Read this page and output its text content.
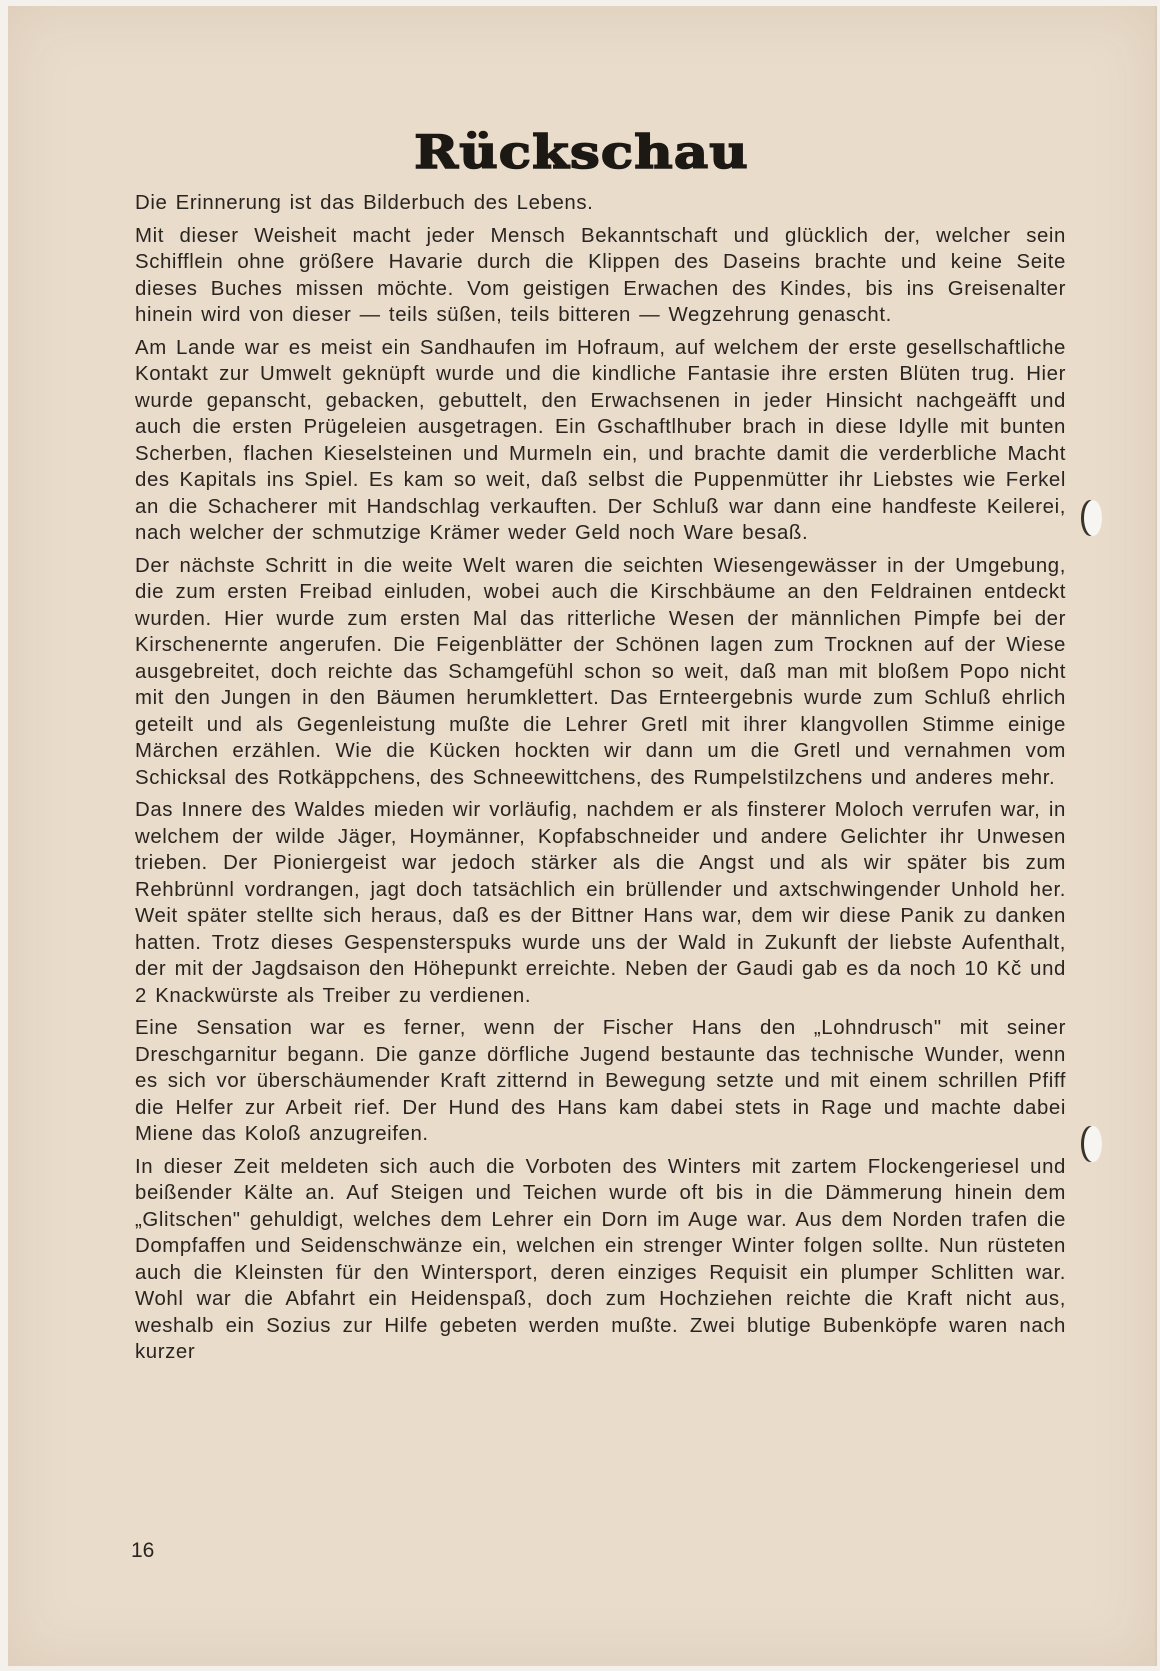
Rückschau

Die Erinnerung ist das Bilderbuch des Lebens.

Mit dieser Weisheit macht jeder Mensch Bekanntschaft und glücklich der, welcher sein Schifflein ohne größere Havarie durch die Klippen des Daseins brachte und keine Seite dieses Buches missen möchte. Vom geistigen Erwachen des Kindes, bis ins Greisenalter hinein wird von dieser — teils süßen, teils bitteren — Wegzehrung genascht.

Am Lande war es meist ein Sandhaufen im Hofraum, auf welchem der erste gesellschaftliche Kontakt zur Umwelt geknüpft wurde und die kindliche Fantasie ihre ersten Blüten trug. Hier wurde gepanscht, gebacken, gebuttelt, den Erwachsenen in jeder Hinsicht nachgeäfft und auch die ersten Prügeleien ausgetragen. Ein Gschaftlhuber brach in diese Idylle mit bunten Scherben, flachen Kieselsteinen und Murmeln ein, und brachte damit die verderbliche Macht des Kapitals ins Spiel. Es kam so weit, daß selbst die Puppenmütter ihr Liebstes wie Ferkel an die Schacherer mit Handschlag verkauften. Der Schluß war dann eine handfeste Keilerei, nach welcher der schmutzige Krämer weder Geld noch Ware besaß.

Der nächste Schritt in die weite Welt waren die seichten Wiesengewässer in der Umgebung, die zum ersten Freibad einluden, wobei auch die Kirschbäume an den Feldrainen entdeckt wurden. Hier wurde zum ersten Mal das ritterliche Wesen der männlichen Pimpfe bei der Kirschenernte angerufen. Die Feigenblätter der Schönen lagen zum Trocknen auf der Wiese ausgebreitet, doch reichte das Schamgefühl schon so weit, daß man mit bloßem Popo nicht mit den Jungen in den Bäumen herumklettert. Das Ernteergebnis wurde zum Schluß ehrlich geteilt und als Gegenleistung mußte die Lehrer Gretl mit ihrer klangvollen Stimme einige Märchen erzählen. Wie die Kücken hockten wir dann um die Gretl und vernahmen vom Schicksal des Rotkäppchens, des Schneewittchens, des Rumpelstilzchens und anderes mehr.

Das Innere des Waldes mieden wir vorläufig, nachdem er als finsterer Moloch verrufen war, in welchem der wilde Jäger, Hoymänner, Kopfabschneider und andere Gelichter ihr Unwesen trieben. Der Pioniergeist war jedoch stärker als die Angst und als wir später bis zum Rehbrünnl vordrangen, jagt doch tatsächlich ein brüllender und axtschwingender Unhold her. Weit später stellte sich heraus, daß es der Bittner Hans war, dem wir diese Panik zu danken hatten. Trotz dieses Gespensterspuks wurde uns der Wald in Zukunft der liebste Aufenthalt, der mit der Jagdsaison den Höhepunkt erreichte. Neben der Gaudi gab es da noch 10 Kč und 2 Knackwürste als Treiber zu verdienen.

Eine Sensation war es ferner, wenn der Fischer Hans den „Lohndrusch" mit seiner Dreschgarnitur begann. Die ganze dörfliche Jugend bestaunte das technische Wunder, wenn es sich vor überschäumender Kraft zitternd in Bewegung setzte und mit einem schrillen Pfiff die Helfer zur Arbeit rief. Der Hund des Hans kam dabei stets in Rage und machte dabei Miene das Koloß anzugreifen.

In dieser Zeit meldeten sich auch die Vorboten des Winters mit zartem Flockengeriesel und beißender Kälte an. Auf Steigen und Teichen wurde oft bis in die Dämmerung hinein dem „Glitschen" gehuldigt, welches dem Lehrer ein Dorn im Auge war. Aus dem Norden trafen die Dompfaffen und Seidenschwänze ein, welchen ein strenger Winter folgen sollte. Nun rüsteten auch die Kleinsten für den Wintersport, deren einziges Requisit ein plumper Schlitten war. Wohl war die Abfahrt ein Heidenspaß, doch zum Hochziehen reichte die Kraft nicht aus, weshalb ein Sozius zur Hilfe gebeten werden mußte. Zwei blutige Bubenköpfe waren nach kurzer

16
